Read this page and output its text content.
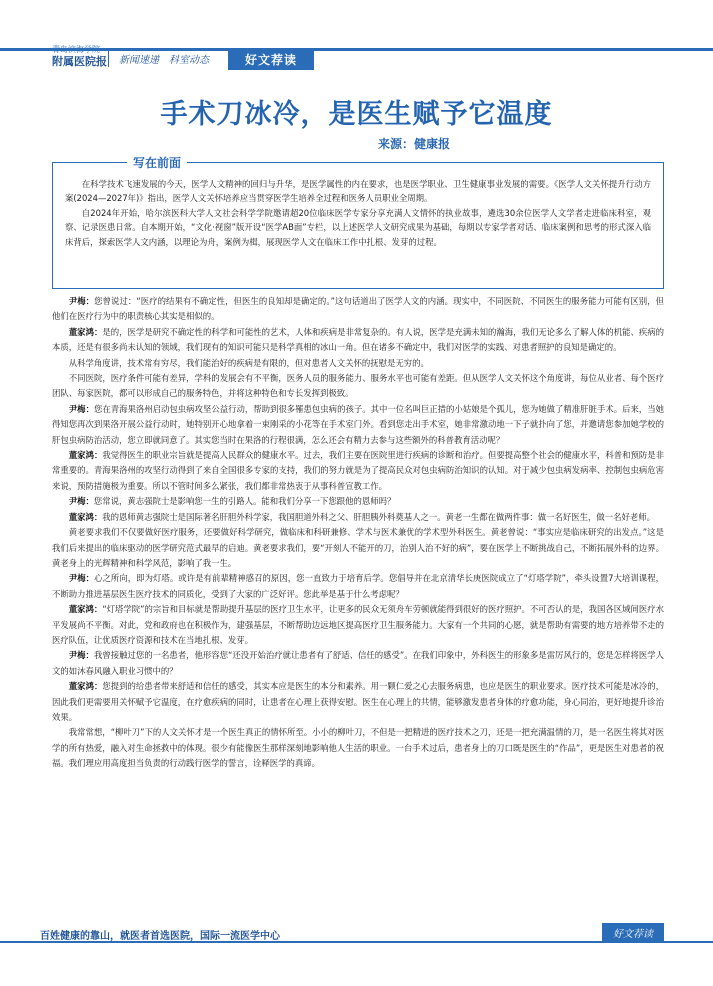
附属医院报 新闻速递 科室动态	好文荐读
手术刀冰冷，是医生赋予它温度
来源：健康报
写在前面

在科学技术飞速发展的今天，医学人文精神的回归与升华，是医学属性的内在要求，也是医学职业、卫生健康事业发展的需要。《医学人文关怀提升行动方案(2024—2027年)》指出，医学人文关怀培养应当贯穿医学生培养全过程和医务人员职业全周期。

自2024年开始，哈尔滨医科大学人文社会科学学院邀请超20位临床医学专家分享充满人文情怀的执业故事，遴选30余位医学人文学者走进临床科室，观察、记录医患日常。自本期开始，“文化·视窗”版开设“医学AB面”专栏，以上述医学人文研究成果为基础，每期以专家学者对话、临床案例和思考的形式深入临床背后，探索医学人文内涵，以理论为舟，案例为楫，展现医学人文在临床工作中扎根、发芽的过程。

尹梅：您曾说过：“医疗的结果有不确定性，但医生的良知却是确定的。”这句话道出了医学人文的内涵。现实中，不同医院、不同医生的服务能力可能有区别，但他们在医疗行为中的职责核心其实是相似的。

董家鸿：是的，医学是研究不确定性的科学和可能性的艺术，人体和疾病是非常复杂的。有人说，医学是充满未知的瀚海，我们无论多么了解人体的机能、疾病的本质，还是有很多尚未认知的领域，我们现有的知识可能只是科学真相的冰山一角。但在诸多不确定中，我们对医学的实践、对患者照护的良知是确定的。

从科学角度讲，技术常有穷尽，我们能治好的疾病是有限的，但对患者人文关怀的抚慰是无穷的。

不同医院，医疗条件可能有差异，学科的发展会有不平衡，医务人员的服务能力、服务水平也可能有差距。但从医学人文关怀这个角度讲，每位从业者、每个医疗团队、每家医院，都可以形成自己的服务特色，并将这种特色和专长发挥到极致。

尹梅：您在青海果洛州启动包虫病攻坚公益行动，帮助到很多罹患包虫病的孩子。其中一位名叫巨正措的小姑娘是个孤儿，您为她做了精准肝脏手术。后来，当她得知您再次到果洛开展公益行动时，她特别开心地拿着一束刚采的小花等在手术室门外。看到您走出手术室，她非常激动地一下子就扑向了您，并邀请您参加她学校的肝包虫病防治活动，您立即就同意了。其实您当时在果洛的行程很满，怎么还会有精力去参与这些额外的科普教育活动呢？

董家鸿：我觉得医生的职业宗旨就是提高人民群众的健康水平。过去，我们主要在医院里进行疾病的诊断和治疗。但要提高整个社会的健康水平，科普和预防是非常重要的。青海果洛州的攻坚行动得到了来自全国很多专家的支持，我们的努力就是为了提高民众对包虫病防治知识的认知。对于减少包虫病发病率、控制包虫病危害来说，预防措施极为重要。所以不管时间多么紧张，我们都非常热衷于从事科普宣教工作。

尹梅：您常说，黄志强院士是影响您一生的引路人。能和我们分享一下您跟他的恩师吗？

董家鸿：我的恩师黄志强院士是国际著名肝胆外科学家，我国胆道外科之父、肝胆胰外科奠基人之一。黄老一生都在做两件事：做一名好医生，做一名好老师。

黄老要求我们不仅要做好医疗服务，还要做好科学研究，做临床和科研兼修、学术与医术兼优的学术型外科医生。黄老曾说：“事实应是临床研究的出发点。”这是我们后来提出的临床驱动的医学研究范式最早的启迪。黄老要求我们，要“开刻人不能开的刀，治别人治不好的病”，要在医学上不断挑战自己，不断拓展外科的边界。黄老身上的光辉精神和科学风范，影响了我一生。

尹梅：心之所向，即为灯塔。或许是有前辈精神感召的原因，您一直致力于培育后学。您倡导并在北京清华长庚医院成立了“灯塔学院”，牵头设置7大培训课程，不断助力推进基层医生医疗技术的同质化，受到了大家的广泛好评。您此举是基于什么考虑呢？

董家鸿：“灯塔学院”的宗旨和目标就是帮助提升基层的医疗卫生水平，让更多的民众无须舟车劳顿就能得到很好的医疗照护。不可否认的是，我国各区域间医疗水平发展尚不平衡。对此，党和政府也在积极作为，建强基层，不断帮助边远地区提高医疗卫生服务能力。大家有一个共同的心愿，就是帮助有需要的地方培养带不走的医疗队伍，让优质医疗资源和技术在当地扎根、发芽。

尹梅：我曾接触过您的一名患者，他形容您“还没开始治疗就让患者有了舒适、信任的感受”。在我们印象中，外科医生的形象多是雷厉风行的，您是怎样将医学人文的如沐春风融入职业习惯中的？

董家鸿：您提到的给患者带来舒适和信任的感受，其实本应是医生的本分和素养。用一颗仁爱之心去服务病患，也应是医生的职业要求。医疗技术可能是冰冷的，因此我们更需要用关怀赋予它温度，在疗愈疾病的同时，让患者在心理上获得安慰。医生在心理上的共情，能够激发患者身体的疗愈功能，身心同治，更好地提升诊治效果。

我常常想，“柳叶刀”下的人文关怀才是一个医生真正的情怀所至。小小的柳叶刀，不但是一把精进的医疗技术之刀，还是一把充满温情的刀，是一名医生将其对医学的所有热爱，融入对生命拯救中的体现。很少有能像医生那样深刻地影响他人生活的职业。一台手术过后，患者身上的刀口既是医生的“作品”，更是医生对患者的祝福。我们理应用高度担当负责的行动践行医学的誓言，诠释医学的真谛。

好文荐读
百姓健康的靠山，就医者首选医院，国际一流医学中心
